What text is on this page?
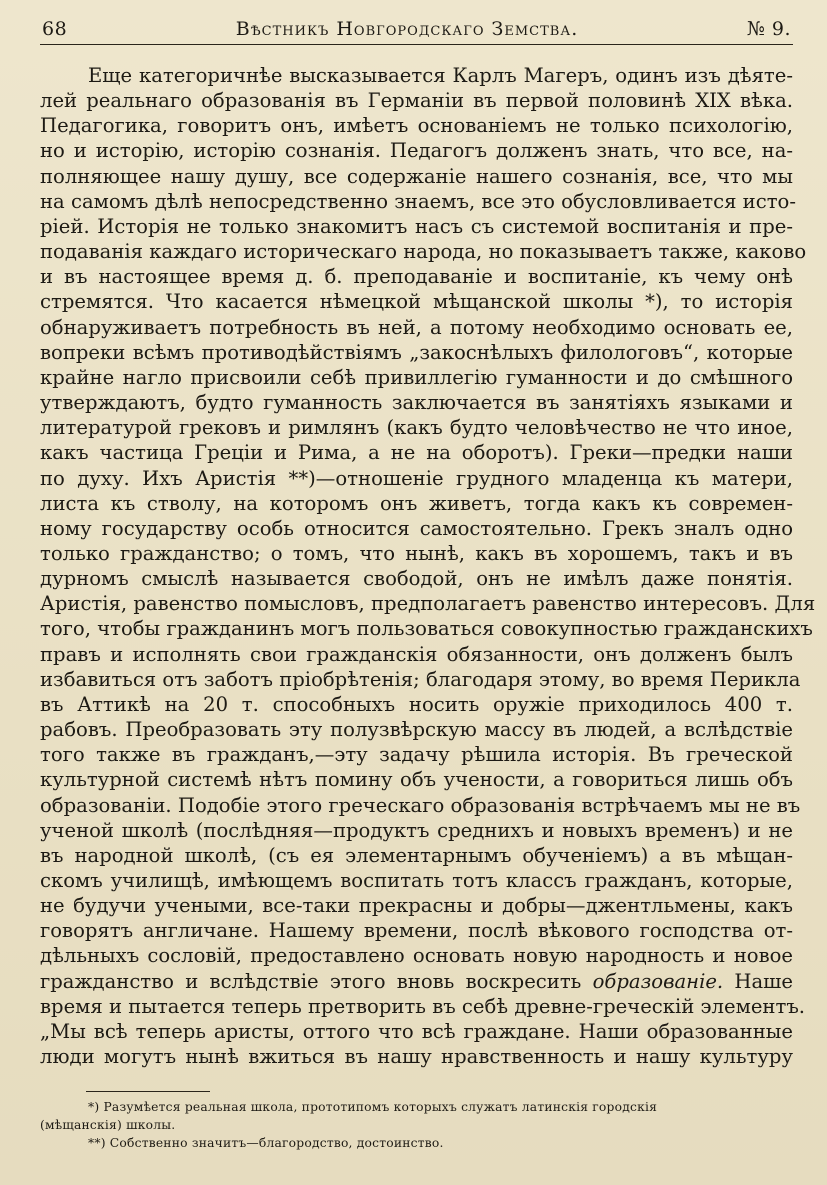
68	Вѣстникъ Новгородскаго Земства.	№ 9.
Еще категоричнѣе высказывается Карлъ Магеръ, одинъ изъ дѣяте-
лей реальнаго образованія въ Германіи въ первой половинѣ XIX вѣка.
Педагогика, говоритъ онъ, имѣетъ основаніемъ не только психологію,
но и исторію, исторію сознанія. Педагогъ долженъ знать, что все, на-
полняющее нашу душу, все содержаніе нашего сознанія, все, что мы
на самомъ дѣлѣ непосредственно знаемъ, все это обусловливается исто-
ріей. Исторія не только знакомитъ насъ съ системой воспитанія и пре-
подаванія каждаго историческаго народа, но показываетъ также, каково
и въ настоящее время д. б. преподаваніе и воспитаніе, къ чему онѣ
стремятся. Что касается нѣмецкой мѣщанской школы *), то исторія
обнаруживаетъ потребность въ ней, а потому необходимо основать ее,
вопреки всѣмъ противодѣйствіямъ „закоснѣлыхъ филологовъ“, которые
крайне нагло присвоили себѣ привиллегію гуманности и до смѣшного
утверждаютъ, будто гуманность заключается въ занятіяхъ языками и
литературой грековъ и римлянъ (какъ будто человѣчество не что иное,
какъ частица Греціи и Рима, а не на оборотъ). Греки—предки наши
по духу. Ихъ Аристія **)—отношеніе грудного младенца къ матери,
листа къ стволу, на которомъ онъ живетъ, тогда какъ къ современ-
ному государству особь относится самостоятельно. Грекъ зналъ одно
только гражданство; о томъ, что нынѣ, какъ въ хорошемъ, такъ и въ
дурномъ смыслѣ называется свободой, онъ не имѣлъ даже понятія.
Аристія, равенство помысловъ, предполагаетъ равенство интересовъ. Для
того, чтобы гражданинъ могъ пользоваться совокупностью гражданскихъ
правъ и исполнять свои гражданскія обязанности, онъ долженъ былъ
избавиться отъ заботъ пріобрѣтенія; благодаря этому, во время Перикла
въ Аттикѣ на 20 т. способныхъ носить оружіе приходилось 400 т.
рабовъ. Преобразовать эту полузвѣрскую массу въ людей, а вслѣдствіе
того также въ гражданъ,—эту задачу рѣшила исторія. Въ греческой
культурной системѣ нѣтъ помину объ учености, а говориться лишь объ
образованіи. Подобіе этого греческаго образованія встрѣчаемъ мы не въ
ученой школѣ (послѣдняя—продуктъ среднихъ и новыхъ временъ) и не
въ народной школѣ, (съ ея элементарнымъ обученіемъ) а въ мѣщан-
скомъ училищѣ, имѣющемъ воспитать тотъ классъ гражданъ, которые,
не будучи учеными, все-таки прекрасны и добры—джентльмены, какъ
говорятъ англичане. Нашему времени, послѣ вѣкового господства от-
дѣльныхъ сословій, предоставлено основать новую народность и новое
гражданство и вслѣдствіе этого вновь воскресить образованіе. Наше
время и пытается теперь претворить въ себѣ древне-греческій элементъ.
„Мы всѣ теперь аристы, оттого что всѣ граждане. Наши образованные
люди могутъ нынѣ вжиться въ нашу нравственность и нашу культуру
*) Разумѣется реальная школа, прототипомъ которыхъ служатъ латинскія городскія
(мѣщанскія) школы.
**) Собственно значитъ—благородство, достоинство.
